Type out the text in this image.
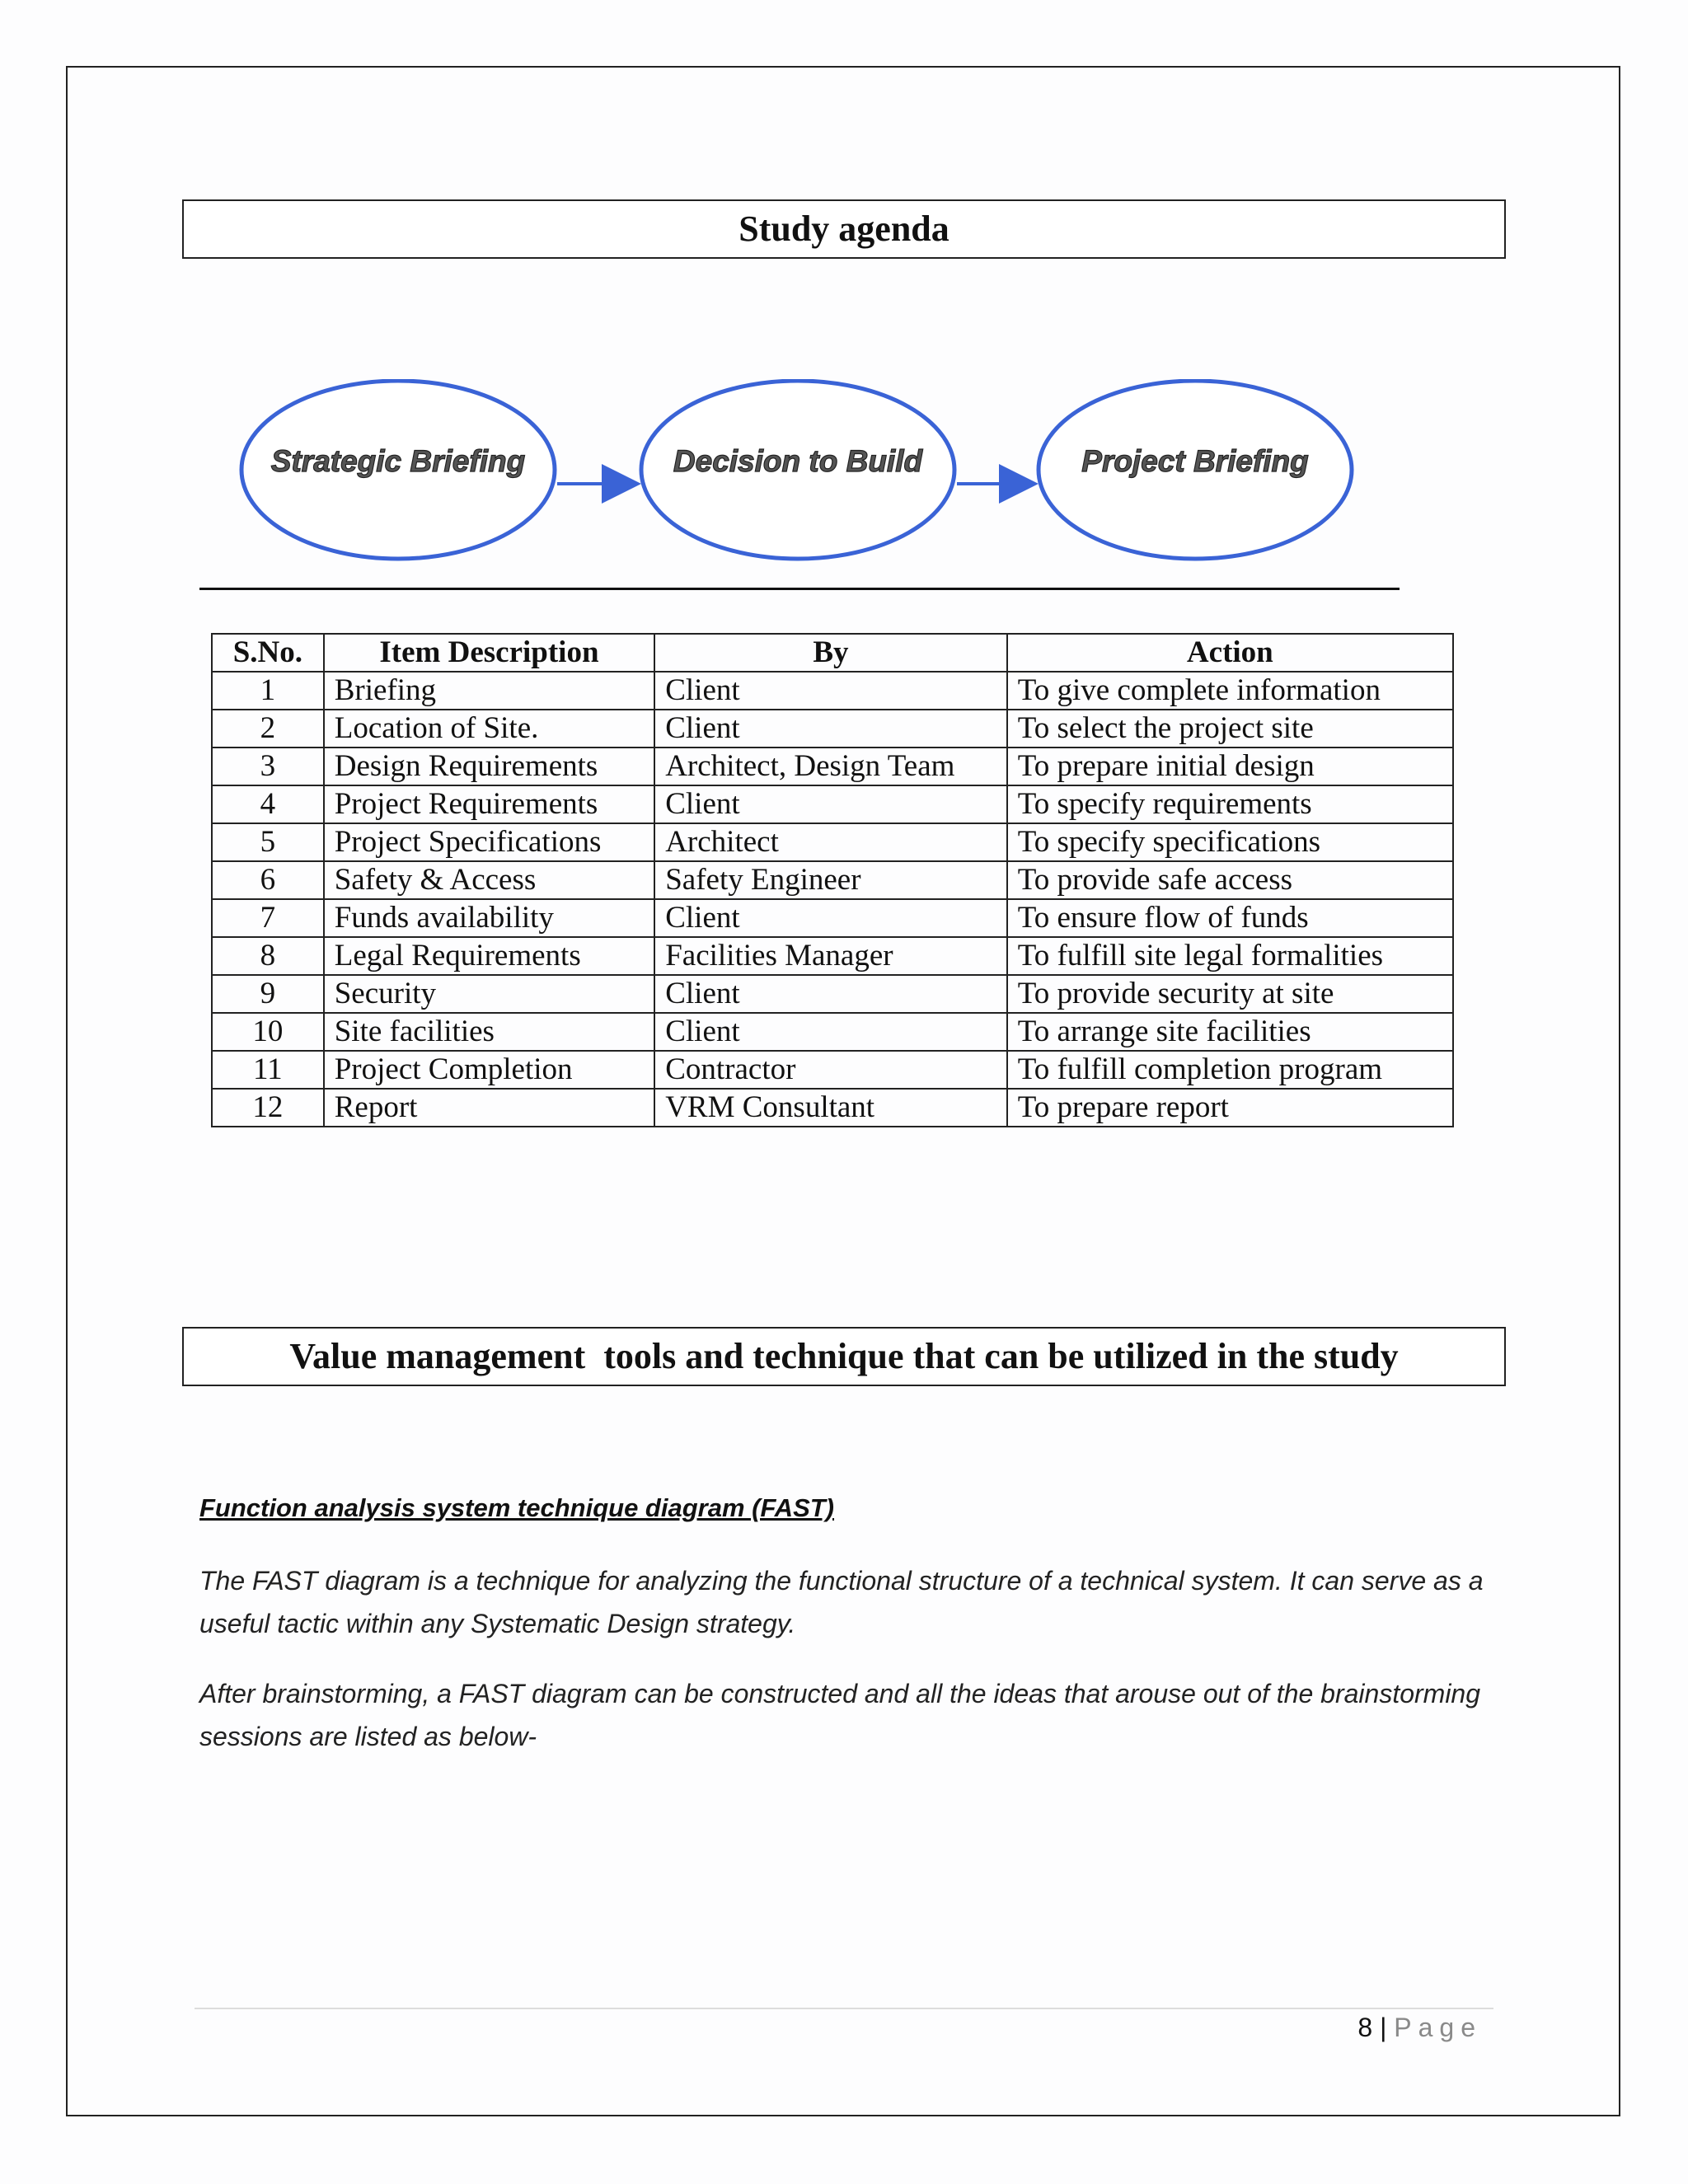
Study agenda
Strategic Briefing	Decision to Build	Project Briefing
S.No.	Item Description	By	Action
1	Briefing	Client	To give complete information
2	Location of Site.	Client	To select the project site
3	Design Requirements	Architect, Design Team	To prepare initial design
4	Project Requirements	Client	To specify requirements
5	Project Specifications	Architect	To specify specifications
6	Safety & Access	Safety Engineer	To provide safe access
7	Funds availability	Client	To ensure flow of funds
8	Legal Requirements	Facilities Manager	To fulfill site legal formalities
9	Security	Client	To provide security at site
10	Site facilities	Client	To arrange site facilities
11	Project Completion	Contractor	To fulfill completion program
12	Report	VRM Consultant	To prepare report
Value management  tools and technique that can be utilized in the study
Function analysis system technique diagram (FAST)
The FAST diagram is a technique for analyzing the functional structure of a technical system. It can serve as a useful tactic within any Systematic Design strategy.
After brainstorming, a FAST diagram can be constructed and all the ideas that arouse out of the brainstorming sessions are listed as below-
8 | Page
